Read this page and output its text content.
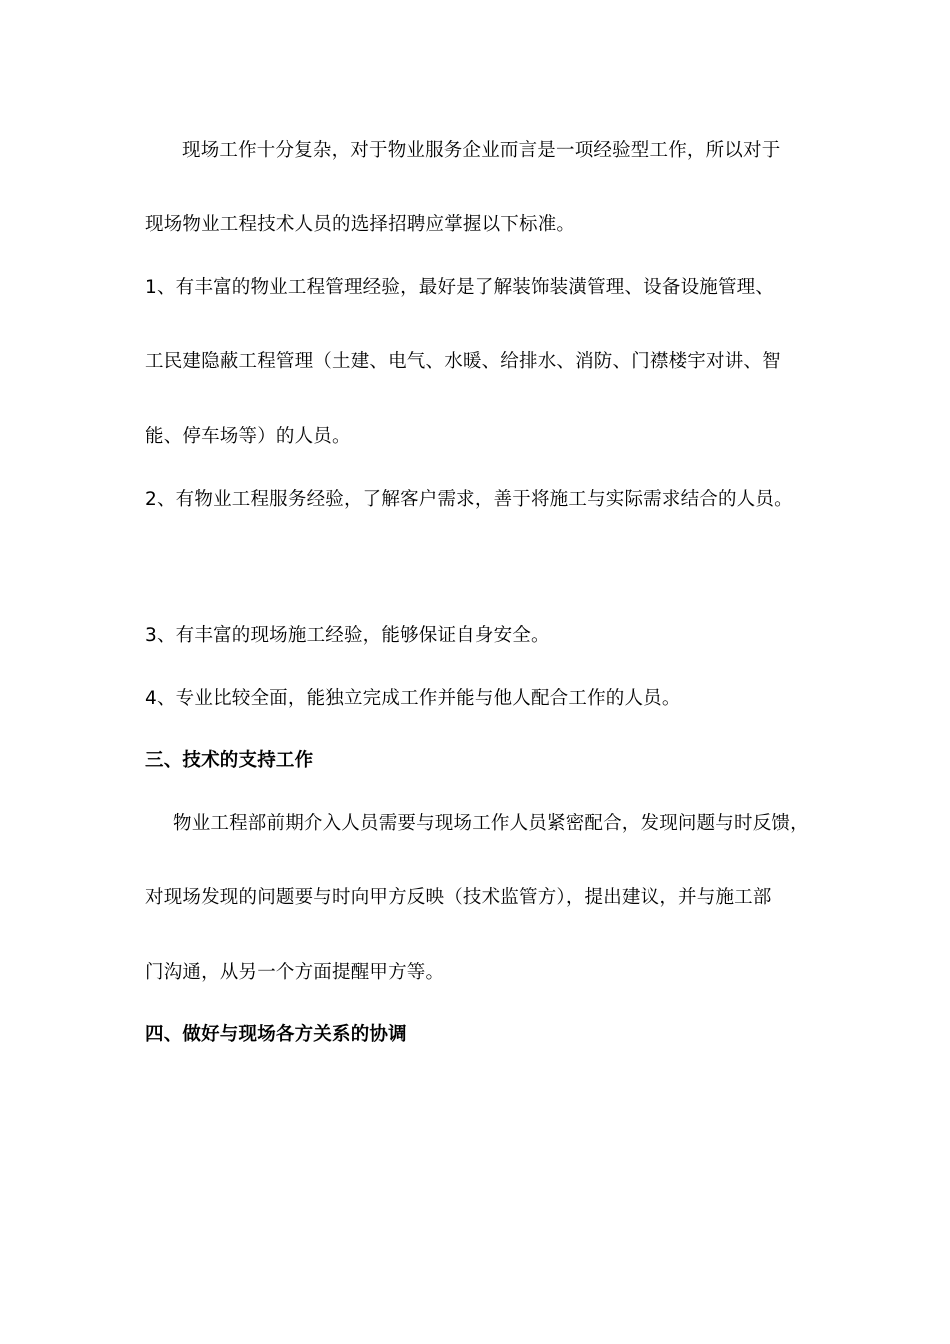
现场工作十分复杂，对于物业服务企业而言是一项经验型工作，所以对于
现场物业工程技术人员的选择招聘应掌握以下标准。
1、有丰富的物业工程管理经验，最好是了解装饰装潢管理、设备设施管理、
工民建隐蔽工程管理（土建、电气、水暖、给排水、消防、门襟楼宇对讲、智
能、停车场等）的人员。
2、有物业工程服务经验，了解客户需求，善于将施工与实际需求结合的人员。
3、有丰富的现场施工经验，能够保证自身安全。
4、专业比较全面，能独立完成工作并能与他人配合工作的人员。
三、技术的支持工作
物业工程部前期介入人员需要与现场工作人员紧密配合，发现问题与时反馈，
对现场发现的问题要与时向甲方反映（技术监管方），提出建议，并与施工部
门沟通，从另一个方面提醒甲方等。
四、做好与现场各方关系的协调
